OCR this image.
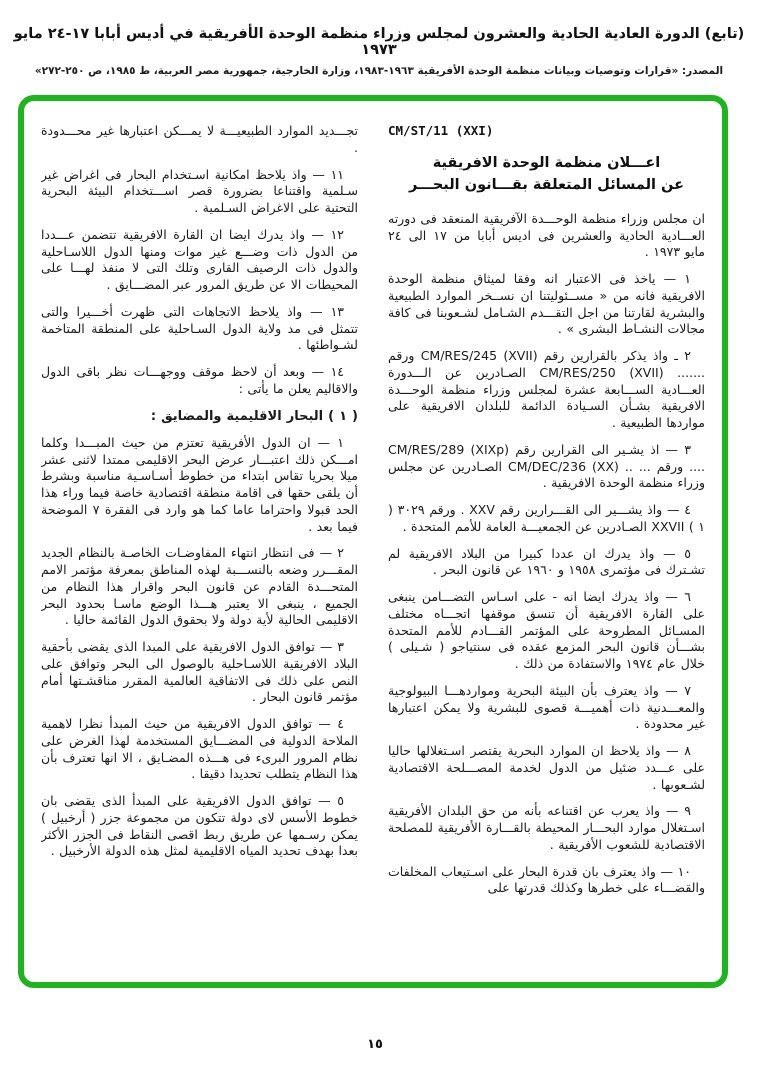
(تابع) الدورة العادية الحادية والعشرون لمجلس وزراء منظمة الوحدة الأفريقية في أديس أبابا ١٧-٢٤ مايو ١٩٧٣
المصدر: «قرارات وتوصيات وبيانات منظمة الوحدة الأفريقية ١٩٦٣-١٩٨٣، وزارة الخارجية، جمهورية مصر العربية، ط ١٩٨٥، ص ٢٥٠-٢٧٢»

CM/ST/11 (XXI)

اعـــلان منظمة الوحدة الافريقية
عن المسائل المتعلقة بقـــانون البحـــر

ان مجلس وزراء منظمة الوحـــدة الآفريقية المنعقد فى دورته العـــادية الحادية والعشرين فى اديس أبابا من ١٧ الى ٢٤ مايو ١٩٧٣ .

١ — ياخذ فى الاعتبار انه وفقا لميثاق منظمة الوحدة الافريقية فانه من « مســئوليتنا ان نســخر الموارد الطبيعية والبشرية لقارتنا من اجل التقـــدم الشـامل لشـعوبنا فى كافة مجالات النشـاط البشرى » .

٢ ـ واذ يذكر بالقرارين رقم CM/RES/245 (XVII) ورقم ....... CM/RES/250 (XVII) الصـادرين عن الـــدورة العـــادية الســـابعة عشرة لمجلس وزراء منظمة الوحـــدة الافريقية بشـأن السـيادة الدائمة للبلدان الافريقية على مواردها الطبيعية .

٣ — اذ يشـير الى القرارين رقم CM/RES/289 (XIXp) .... ورقم ... .. CM/DEC/236 (XX) الصـادرين عن مجلس وزراء منظمة الوحدة الافريقية .

٤ — واذ يشـــير الى القـــرارين رقم XXV . ورقم ٣٠٢٩ ( ١ ) XXVII الصـادرين عن الجمعيـــة العامة للأمم المتحدة .

٥ — واذ يدرك ان عددا كبيرا من البلاد الافريقية لم تشـترك فى مؤتمرى ١٩٥٨ و ١٩٦٠ عن قانون البحر .

٦ — واذ يدرك ايضا انه - على اسـاس التضـــامن ينبغى على القارة الافريقية أن تنسق موقفها اتجـــاه مختلف المسـائل المطروحة على المؤتمر القـــادم للأمم المتحدة بشـــأن قانون البحر المزمع عقده فى سنتياجو ( شـيلى ) خلال عام ١٩٧٤ والاستفادة من ذلك .

٧ — واذ يعترف بأن البيئة البحرية ومواردهـــا البيولوجية والمعـــدنية ذات أهميـــة قصوى للبشرية ولا يمكن اعتبارها غير محدودة .

٨ — واذ يلاحظ ان الموارد البحرية يقتصر اسـتغلالها حاليا على عـــدد ضئيل من الدول لخدمة المصـــلحة الاقتصادية لشـعوبها .

٩ — واذ يعرب عن اقتناعه بأنه من حق البلدان الأفريقية اسـتغلال موارد البحـــار المحيطة بالقـــارة الأفريقية للمصلحة الاقتصادية للشعوب الأفريقية .

١٠ — واذ يعترف بان قدرة البحار على اسـتيعاب المخلفات والقضـــاء على خطرها وكذلك قدرتها على

تجـــديد الموارد الطبيعيـــة لا يمـــكن اعتبارها غير محـــدودة .

١١ — واذ يلاحظ امكانية اسـتخدام البحار فى اغراض غير سـلمية واقتناعا بضرورة قصر اســـتخدام البيئة البحرية التحتية على الاغراض السـلمية .

١٢ — واذ يدرك ايضا ان القارة الافريقية تتضمن عـــددا من الدول ذات وضـــع غير موات ومنها الدول اللاسـاحلية والدول ذات الرصيف القارى وتلك التى لا منفذ لهـــا على المحيطات الا عن طريق المرور عبر المضـــايق .

١٣ — واذ يلاحظ الاتجاهات التى ظهرت أخـــيرا والتى تتمثل فى مد ولاية الدول السـاحلية على المنطقة المتاخمة لشـواطئها .

١٤ — وبعد أن لاحظ موقف ووجهـــات نظر باقى الدول والاقاليم يعلن ما يأتى :

( ١ ) البحار الاقليمية والمضايق :

١ — ان الدول الأفريقية تعتزم من حيث المبـــدا وكلما امـــكن ذلك اعتبـــار عرض البحر الاقليمى ممتدا لاثنى عشر ميلا بحريا تقاس ابتداء من خطوط أسـاسـية مناسبة وبشرط أن يلقى حقها فى اقامة منطقة اقتصادية خاصة فيما وراء هذا الحد قبولا واحتراما عاما كما هو وارد فى الفقرة ٧ الموضحة فيما بعد .

٢ — فى انتظار انتهاء المفاوضـات الخاصـة بالنظام الجديد المقـــرر وضعه بالنســـبة لهذه المناطق بمعرفة مؤتمر الامم المتحـــدة القادم عن قانون البحر واقرار هذا النظام من الجميع ، ينبغى الا يعتبر هـــذا الوضع ماسـا بحدود البحر الاقليمى الحالية لأية دولة ولا بحقوق الدول القائمة حاليا .

٣ — توافق الدول الافريقية على المبدا الذى يقضى بأحقية البلاد الافريقية اللاسـاحلية بالوصول الى البحر وتوافق على النص على ذلك فى الاتفاقية العالمية المقرر مناقشـتها أمام مؤتمر قانون البحار .

٤ — توافق الدول الافريقية من حيث المبدأ نظرا لاهمية الملاحة الدولية فى المضـــايق المستخدمة لهذا الغرض على نظام المرور البرىء فى هـــذه المضـايق ، الا انها تعترف بأن هذا النظام يتطلب تحديدا دقيقا .

٥ — توافق الدول الافريقية على المبدأ الذى يقضى بان خطوط الأسس لاى دولة تتكون من مجموعة جزر ( أرخبيل ) يمكن رسـمها عن طريق ربط اقصى النقاط فى الجزر الأكثر بعدا بهدف تحديد المياه الاقليمية لمثل هذه الدولة الأرخبيل .

١٥
